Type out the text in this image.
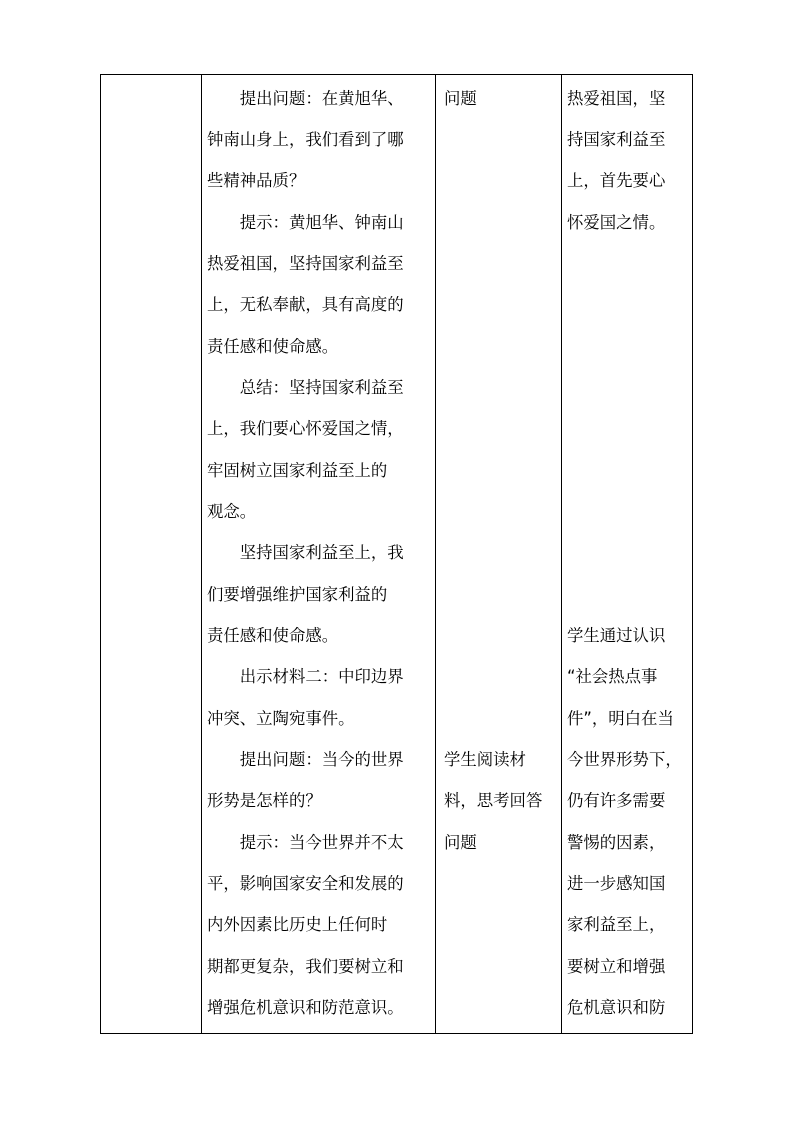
　　提出问题：在黄旭华、
钟南山身上，我们看到了哪
些精神品质？
　　提示：黄旭华、钟南山
热爱祖国，坚持国家利益至
上，无私奉献，具有高度的
责任感和使命感。
　　总结：坚持国家利益至
上，我们要心怀爱国之情，
牢固树立国家利益至上的
观念。
　　坚持国家利益至上，我
们要增强维护国家利益的
责任感和使命感。
　　出示材料二：中印边界
冲突、立陶宛事件。
　　提出问题：当今的世界
形势是怎样的？
　　提示：当今世界并不太
平，影响国家安全和发展的
内外因素比历史上任何时
期都更复杂，我们要树立和
增强危机意识和防范意识。
问题
学生阅读材
料，思考回答
问题
热爱祖国，坚
持国家利益至
上，首先要心
怀爱国之情。
学生通过认识
“社会热点事
件”，明白在当
今世界形势下，
仍有许多需要
警惕的因素，
进一步感知国
家利益至上，
要树立和增强
危机意识和防
